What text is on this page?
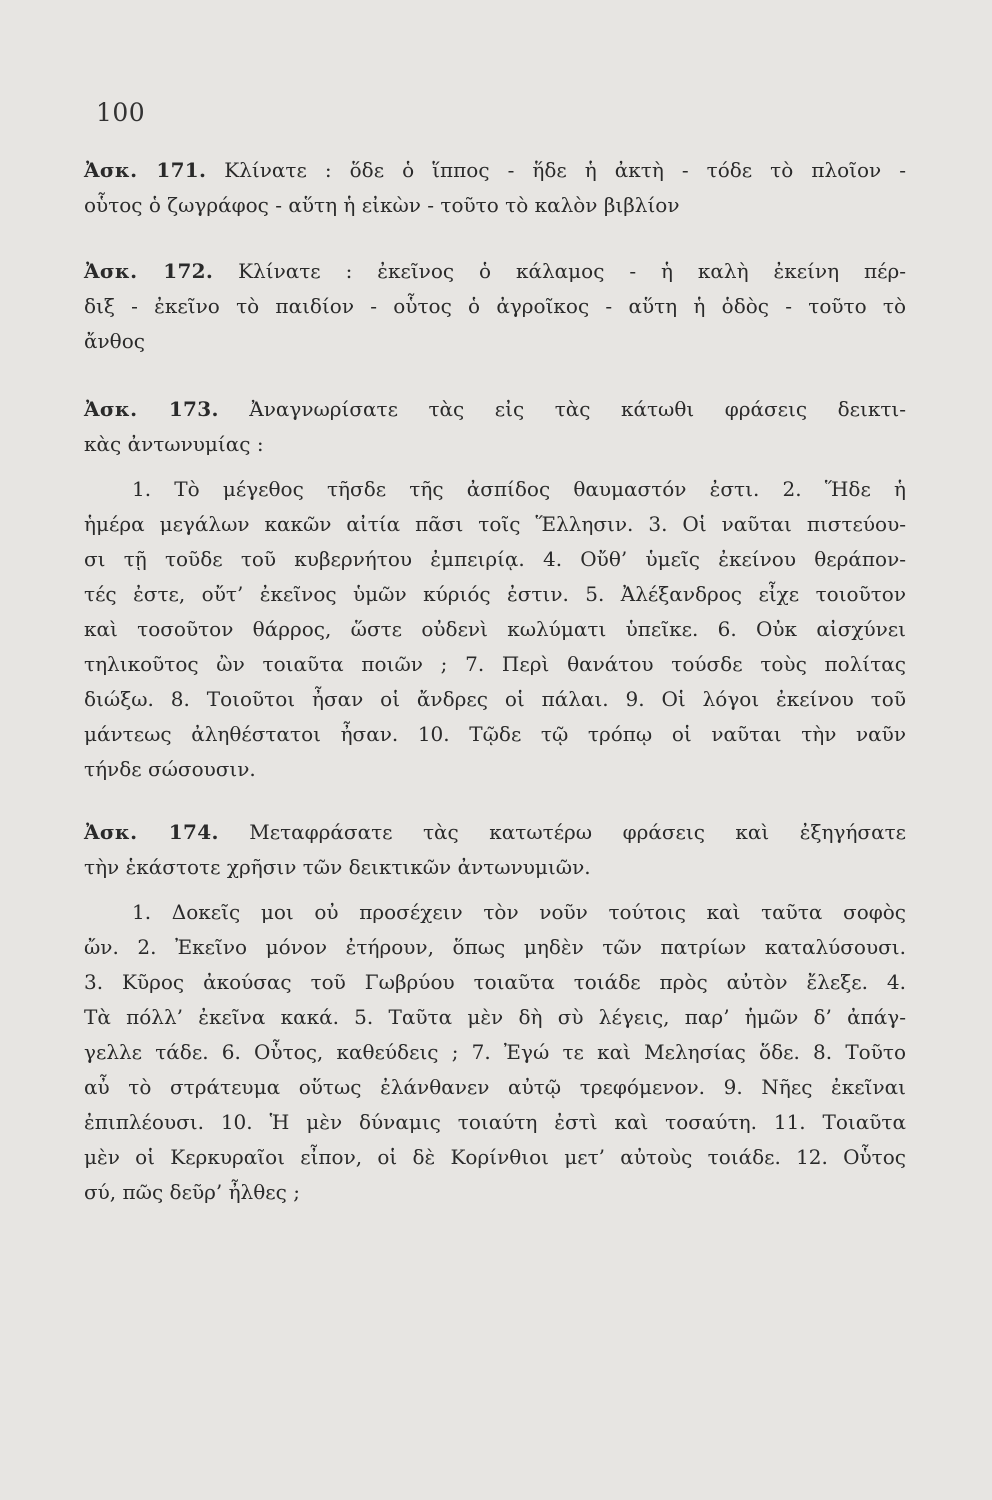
100
Ἀσκ. 171. Κλίνατε : ὅδε ὁ ἵππος - ἥδε ἡ ἀκτὴ - τόδε τὸ πλοῖον -
οὗτος ὁ ζωγράφος - αὕτη ἡ εἰκὼν - τοῦτο τὸ καλὸν βιβλίον
Ἀσκ. 172. Κλίνατε : ἐκεῖνος ὁ κάλαμος - ἡ καλὴ ἐκείνη πέρ-
διξ - ἐκεῖνο τὸ παιδίον - οὗτος ὁ ἀγροῖκος - αὕτη ἡ ὁδὸς - τοῦτο τὸ
ἄνθος
Ἀσκ. 173. Ἀναγνωρίσατε τὰς εἰς τὰς κάτωθι φράσεις δεικτι-
κὰς ἀντωνυμίας :
1. Τὸ μέγεθος τῆσδε τῆς ἀσπίδος θαυμαστόν ἐστι. 2. Ἥδε ἡ
ἡμέρα μεγάλων κακῶν αἰτία πᾶσι τοῖς Ἕλλησιν. 3. Οἱ ναῦται πιστεύου-
σι τῇ τοῦδε τοῦ κυβερνήτου ἐμπειρίᾳ. 4. Οὔθ’ ὑμεῖς ἐκείνου θεράπον-
τές ἐστε, οὔτ’ ἐκεῖνος ὑμῶν κύριός ἐστιν. 5. Ἀλέξανδρος εἶχε τοιοῦτον
καὶ τοσοῦτον θάρρος, ὥστε οὐδενὶ κωλύματι ὑπεῖκε. 6. Οὐκ αἰσχύνει
τηλικοῦτος ὢν τοιαῦτα ποιῶν ; 7. Περὶ θανάτου τούσδε τοὺς πολίτας
διώξω. 8. Τοιοῦτοι ἦσαν οἱ ἄνδρες οἱ πάλαι. 9. Οἱ λόγοι ἐκείνου τοῦ
μάντεως ἀληθέστατοι ἦσαν. 10. Τῷδε τῷ τρόπῳ οἱ ναῦται τὴν ναῦν
τήνδε σώσουσιν.
Ἀσκ. 174. Μεταφράσατε τὰς κατωτέρω φράσεις καὶ ἐξηγήσατε
τὴν ἑκάστοτε χρῆσιν τῶν δεικτικῶν ἀντωνυμιῶν.
1. Δοκεῖς μοι οὐ προσέχειν τὸν νοῦν τούτοις καὶ ταῦτα σοφὸς
ὤν. 2. Ἐκεῖνο μόνον ἐτήρουν, ὅπως μηδὲν τῶν πατρίων καταλύσουσι.
3. Κῦρος ἀκούσας τοῦ Γωβρύου τοιαῦτα τοιάδε πρὸς αὐτὸν ἔλεξε. 4.
Τὰ πόλλ’ ἐκεῖνα κακά. 5. Ταῦτα μὲν δὴ σὺ λέγεις, παρ’ ἡμῶν δ’ ἀπάγ-
γελλε τάδε. 6. Οὗτος, καθεύδεις ; 7. Ἐγώ τε καὶ Μελησίας ὅδε. 8. Τοῦτο
αὖ τὸ στράτευμα οὕτως ἐλάνθανεν αὐτῷ τρεφόμενον. 9. Νῆες ἐκεῖναι
ἐπιπλέουσι. 10. Ἡ μὲν δύναμις τοιαύτη ἐστὶ καὶ τοσαύτη. 11. Τοιαῦτα
μὲν οἱ Κερκυραῖοι εἶπον, οἱ δὲ Κορίνθιοι μετ’ αὐτοὺς τοιάδε. 12. Οὗτος
σύ, πῶς δεῦρ’ ἦλθες ;
